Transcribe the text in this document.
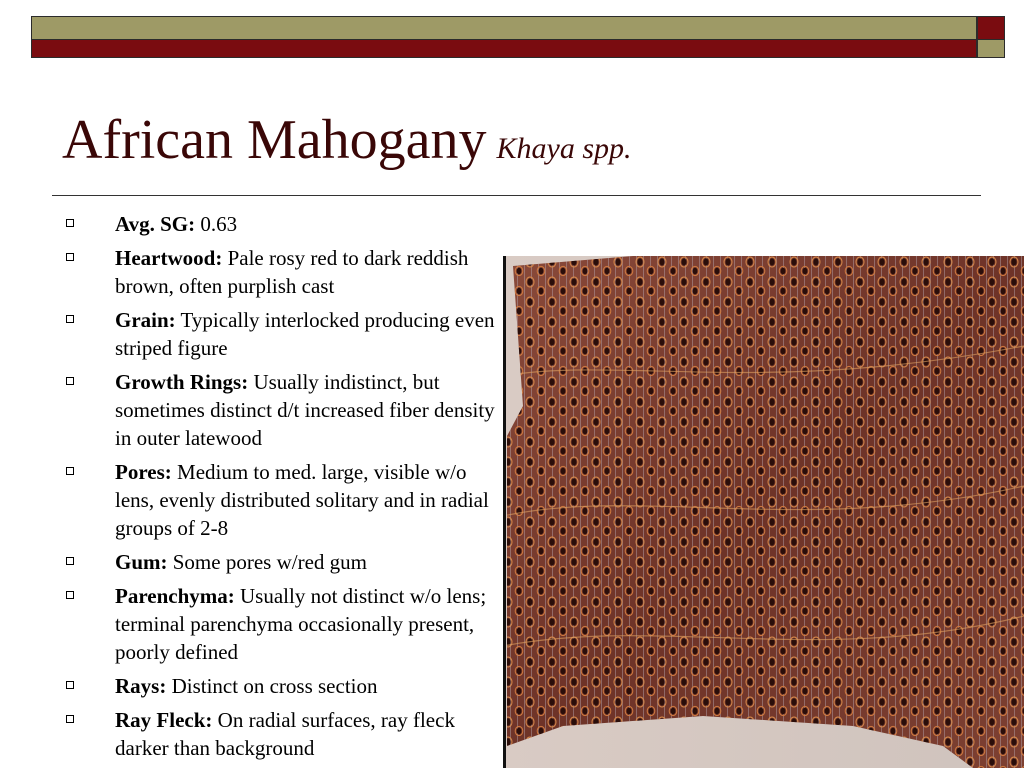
African Mahogany Khaya spp.
Avg. SG: 0.63
Heartwood: Pale rosy red to dark reddish brown, often purplish cast
Grain: Typically interlocked producing even striped figure
Growth Rings: Usually indistinct, but sometimes distinct d/t increased fiber density in outer latewood
Pores: Medium to med. large, visible w/o lens, evenly distributed solitary and in radial groups of 2-8
Gum: Some pores w/red gum
Parenchyma: Usually not distinct w/o lens; terminal parenchyma occasionally present, poorly defined
Rays: Distinct on cross section
Ray Fleck: On radial surfaces, ray fleck darker than background
